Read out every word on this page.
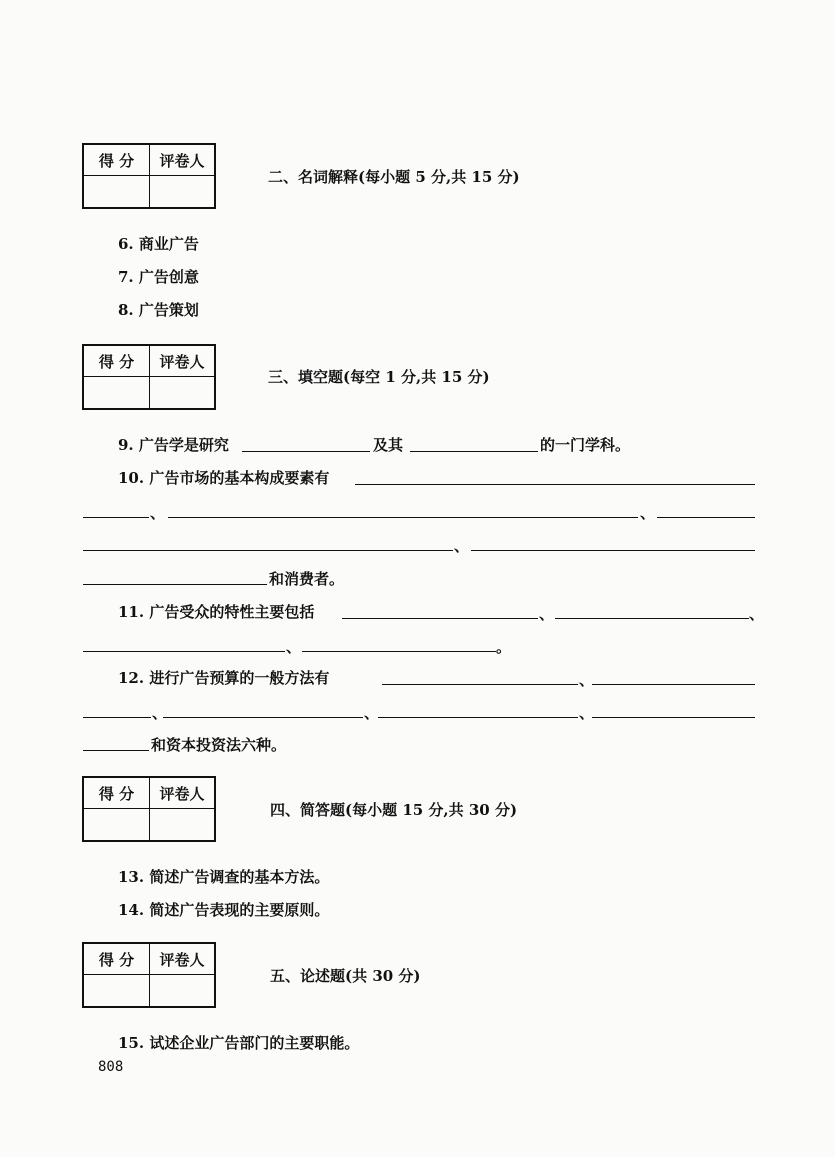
得 分	评卷人
二、名词解释(每小题 5 分,共 15 分)
6. 商业广告
7. 广告创意
8. 广告策划
得 分	评卷人
三、填空题(每空 1 分,共 15 分)
9. 广告学是研究	及其	的一门学科。
10. 广告市场的基本构成要素有
、	、
、
和消费者。
11. 广告受众的特性主要包括	、	、
、	。
12. 进行广告预算的一般方法有	、
、	、	、
和资本投资法六种。
得 分	评卷人
四、简答题(每小题 15 分,共 30 分)
13. 简述广告调查的基本方法。
14. 简述广告表现的主要原则。
得 分	评卷人
五、论述题(共 30 分)
15. 试述企业广告部门的主要职能。
808
